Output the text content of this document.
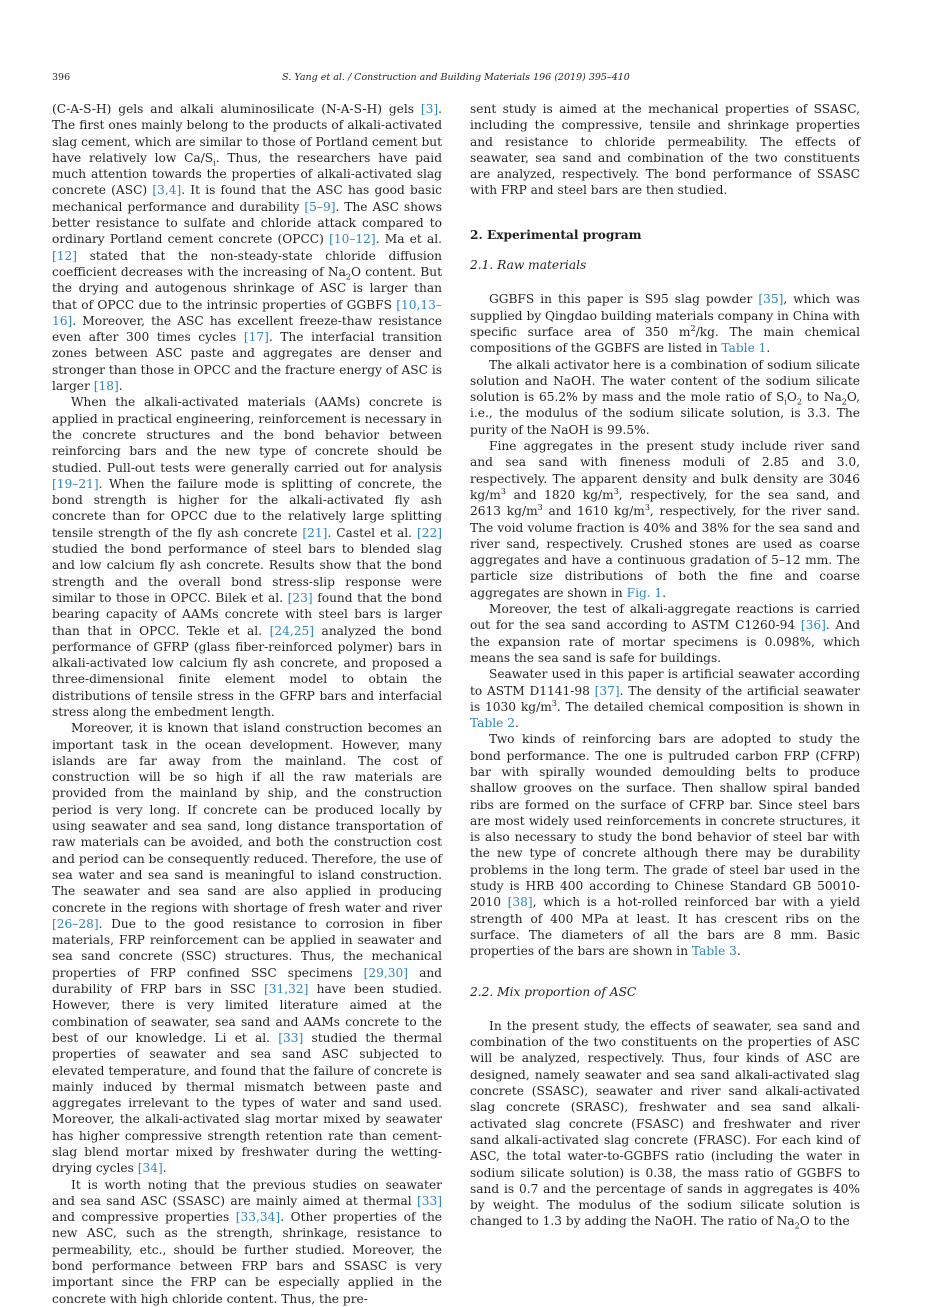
396	S. Yang et al. / Construction and Building Materials 196 (2019) 395–410

(C-A-S-H) gels and alkali aluminosilicate (N-A-S-H) gels [3]. The first ones mainly belong to the products of alkali-activated slag cement, which are similar to those of Portland cement but have relatively low $Ca/S_i$. Thus, the researchers have paid much attention towards the properties of alkali-activated slag concrete (ASC) [3,4]. It is found that the ASC has good basic mechanical performance and durability [5–9]. The ASC shows better resistance to sulfate and chloride attack compared to ordinary Portland cement concrete (OPCC) [10–12]. Ma et al. [12] stated that the non-steady-state chloride diffusion coefficient decreases with the increasing of $Na_2O$ content. But the drying and autogenous shrinkage of ASC is larger than that of OPCC due to the intrinsic properties of GGBFS [10,13–16]. Moreover, the ASC has excellent freeze-thaw resistance even after 300 times cycles [17]. The interfacial transition zones between ASC paste and aggregates are denser and stronger than those in OPCC and the fracture energy of ASC is larger [18].

When the alkali-activated materials (AAMs) concrete is applied in practical engineering, reinforcement is necessary in the concrete structures and the bond behavior between reinforcing bars and the new type of concrete should be studied. Pull-out tests were generally carried out for analysis [19–21]. When the failure mode is splitting of concrete, the bond strength is higher for the alkali-activated fly ash concrete than for OPCC due to the relatively large splitting tensile strength of the fly ash concrete [21]. Castel et al. [22] studied the bond performance of steel bars to blended slag and low calcium fly ash concrete. Results show that the bond strength and the overall bond stress-slip response were similar to those in OPCC. Bilek et al. [23] found that the bond bearing capacity of AAMs concrete with steel bars is larger than that in OPCC. Tekle et al. [24,25] analyzed the bond performance of GFRP (glass fiber-reinforced polymer) bars in alkali-activated low calcium fly ash concrete, and proposed a three-dimensional finite element model to obtain the distributions of tensile stress in the GFRP bars and interfacial stress along the embedment length.

Moreover, it is known that island construction becomes an important task in the ocean development. However, many islands are far away from the mainland. The cost of construction will be so high if all the raw materials are provided from the mainland by ship, and the construction period is very long. If concrete can be produced locally by using seawater and sea sand, long distance transportation of raw materials can be avoided, and both the construction cost and period can be consequently reduced. Therefore, the use of sea water and sea sand is meaningful to island construction. The seawater and sea sand are also applied in producing concrete in the regions with shortage of fresh water and river [26–28]. Due to the good resistance to corrosion in fiber materials, FRP reinforcement can be applied in seawater and sea sand concrete (SSC) structures. Thus, the mechanical properties of FRP confined SSC specimens [29,30] and durability of FRP bars in SSC [31,32] have been studied. However, there is very limited literature aimed at the combination of seawater, sea sand and AAMs concrete to the best of our knowledge. Li et al. [33] studied the thermal properties of seawater and sea sand ASC subjected to elevated temperature, and found that the failure of concrete is mainly induced by thermal mismatch between paste and aggregates irrelevant to the types of water and sand used. Moreover, the alkali-activated slag mortar mixed by seawater has higher compressive strength retention rate than cement-slag blend mortar mixed by freshwater during the wetting-drying cycles [34].

It is worth noting that the previous studies on seawater and sea sand ASC (SSASC) are mainly aimed at thermal [33] and compressive properties [33,34]. Other properties of the new ASC, such as the strength, shrinkage, resistance to permeability, etc., should be further studied. Moreover, the bond performance between FRP bars and SSASC is very important since the FRP can be especially applied in the concrete with high chloride content. Thus, the pre-

sent study is aimed at the mechanical properties of SSASC, including the compressive, tensile and shrinkage properties and resistance to chloride permeability. The effects of seawater, sea sand and combination of the two constituents are analyzed, respectively. The bond performance of SSASC with FRP and steel bars are then studied.

2. Experimental program
2.1. Raw materials

GGBFS in this paper is S95 slag powder [35], which was supplied by Qingdao building materials company in China with specific surface area of 350 $m^2/kg$. The main chemical compositions of the GGBFS are listed in Table 1.

The alkali activator here is a combination of sodium silicate solution and NaOH. The water content of the sodium silicate solution is 65.2% by mass and the mole ratio of $S_iO_2$ to $Na_2O$, i.e., the modulus of the sodium silicate solution, is 3.3. The purity of the NaOH is 99.5%.

Fine aggregates in the present study include river sand and sea sand with fineness moduli of 2.85 and 3.0, respectively. The apparent density and bulk density are 3046 $kg/m^3$ and 1820 $kg/m^3$, respectively, for the sea sand, and 2613 $kg/m^3$ and 1610 $kg/m^3$, respectively, for the river sand. The void volume fraction is 40% and 38% for the sea sand and river sand, respectively. Crushed stones are used as coarse aggregates and have a continuous gradation of 5–12 mm. The particle size distributions of both the fine and coarse aggregates are shown in Fig. 1.

Moreover, the test of alkali-aggregate reactions is carried out for the sea sand according to ASTM C1260-94 [36]. And the expansion rate of mortar specimens is 0.098%, which means the sea sand is safe for buildings.

Seawater used in this paper is artificial seawater according to ASTM D1141-98 [37]. The density of the artificial seawater is 1030 $kg/m^3$. The detailed chemical composition is shown in Table 2.

Two kinds of reinforcing bars are adopted to study the bond performance. The one is pultruded carbon FRP (CFRP) bar with spirally wounded demoulding belts to produce shallow grooves on the surface. Then shallow spiral banded ribs are formed on the surface of CFRP bar. Since steel bars are most widely used reinforcements in concrete structures, it is also necessary to study the bond behavior of steel bar with the new type of concrete although there may be durability problems in the long term. The grade of steel bar used in the study is HRB 400 according to Chinese Standard GB 50010-2010 [38], which is a hot-rolled reinforced bar with a yield strength of 400 MPa at least. It has crescent ribs on the surface. The diameters of all the bars are 8 mm. Basic properties of the bars are shown in Table 3.

2.2. Mix proportion of ASC

In the present study, the effects of seawater, sea sand and combination of the two constituents on the properties of ASC will be analyzed, respectively. Thus, four kinds of ASC are designed, namely seawater and sea sand alkali-activated slag concrete (SSASC), seawater and river sand alkali-activated slag concrete (SRASC), freshwater and sea sand alkali-activated slag concrete (FSASC) and freshwater and river sand alkali-activated slag concrete (FRASC). For each kind of ASC, the total water-to-GGBFS ratio (including the water in sodium silicate solution) is 0.38, the mass ratio of GGBFS to sand is 0.7 and the percentage of sands in aggregates is 40% by weight. The modulus of the sodium silicate solution is changed to 1.3 by adding the NaOH. The ratio of $Na_2O$ to the
